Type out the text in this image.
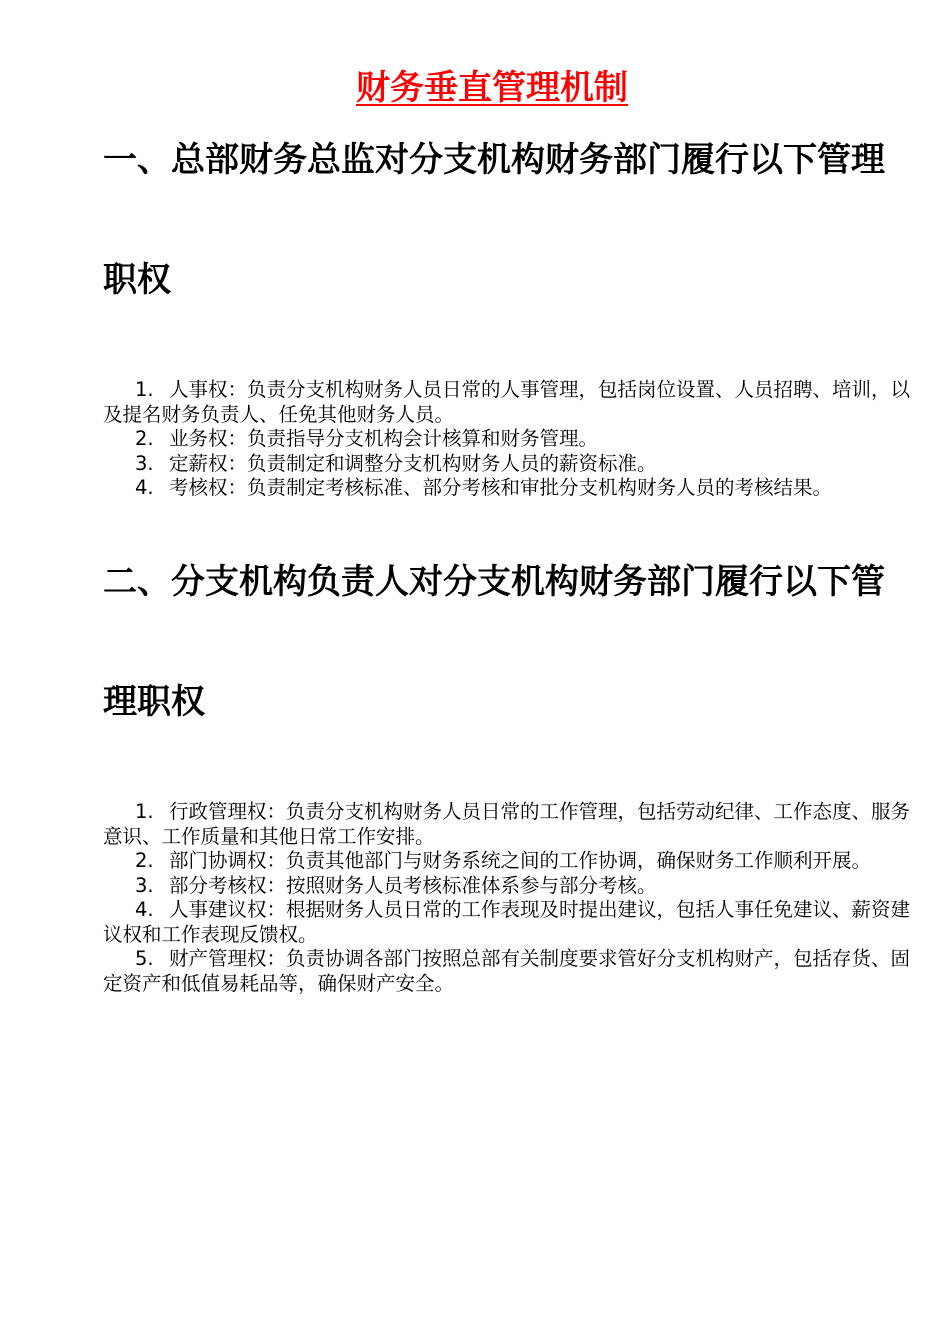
财务垂直管理机制
一、总部财务总监对分支机构财务部门履行以下管理
职权

1. 人事权：负责分支机构财务人员日常的人事管理，包括岗位设置、人员招聘、培训，以及提名财务负责人、任免其他财务人员。

2. 业务权：负责指导分支机构会计核算和财务管理。

3. 定薪权：负责制定和调整分支机构财务人员的薪资标准。

4. 考核权：负责制定考核标准、部分考核和审批分支机构财务人员的考核结果。

二、分支机构负责人对分支机构财务部门履行以下管
理职权

1. 行政管理权：负责分支机构财务人员日常的工作管理，包括劳动纪律、工作态度、服务意识、工作质量和其他日常工作安排。

2. 部门协调权：负责其他部门与财务系统之间的工作协调，确保财务工作顺利开展。

3. 部分考核权：按照财务人员考核标准体系参与部分考核。

4. 人事建议权：根据财务人员日常的工作表现及时提出建议，包括人事任免建议、薪资建议权和工作表现反馈权。

5. 财产管理权：负责协调各部门按照总部有关制度要求管好分支机构财产，包括存货、固定资产和低值易耗品等，确保财产安全。
